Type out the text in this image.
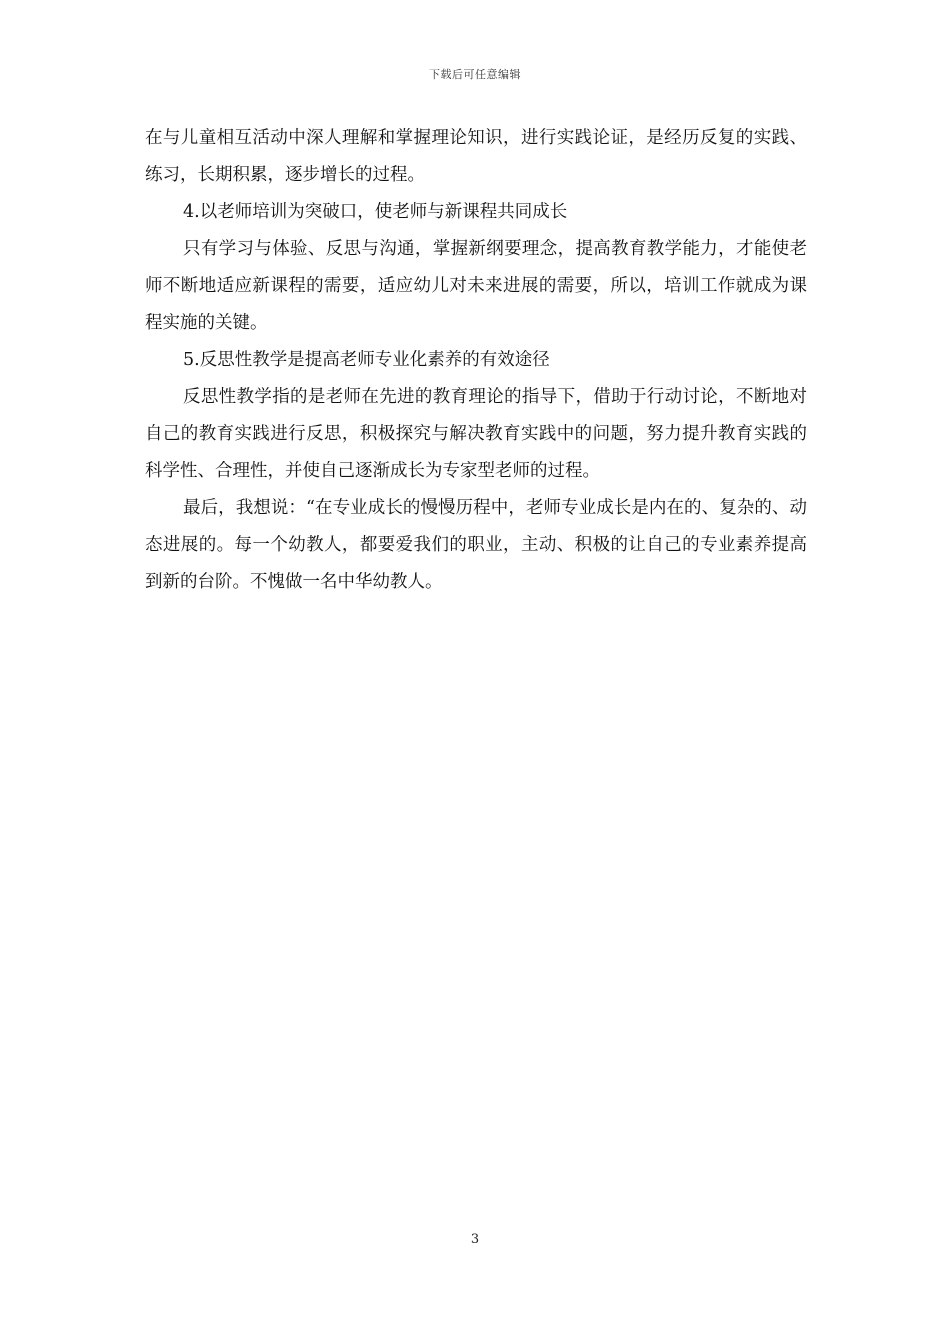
下载后可任意编辑

在与儿童相互活动中深人理解和掌握理论知识，进行实践论证，是经历反复的实践、练习，长期积累，逐步增长的过程。

4.以老师培训为突破口，使老师与新课程共同成长

只有学习与体验、反思与沟通，掌握新纲要理念，提高教育教学能力，才能使老师不断地适应新课程的需要，适应幼儿对未来进展的需要，所以，培训工作就成为课程实施的关键。

5.反思性教学是提高老师专业化素养的有效途径

反思性教学指的是老师在先进的教育理论的指导下，借助于行动讨论，不断地对自己的教育实践进行反思，积极探究与解决教育实践中的问题，努力提升教育实践的科学性、合理性，并使自己逐渐成长为专家型老师的过程。

最后，我想说：“在专业成长的慢慢历程中，老师专业成长是内在的、复杂的、动态进展的。每一个幼教人，都要爱我们的职业，主动、积极的让自己的专业素养提高到新的台阶。不愧做一名中华幼教人。

3
